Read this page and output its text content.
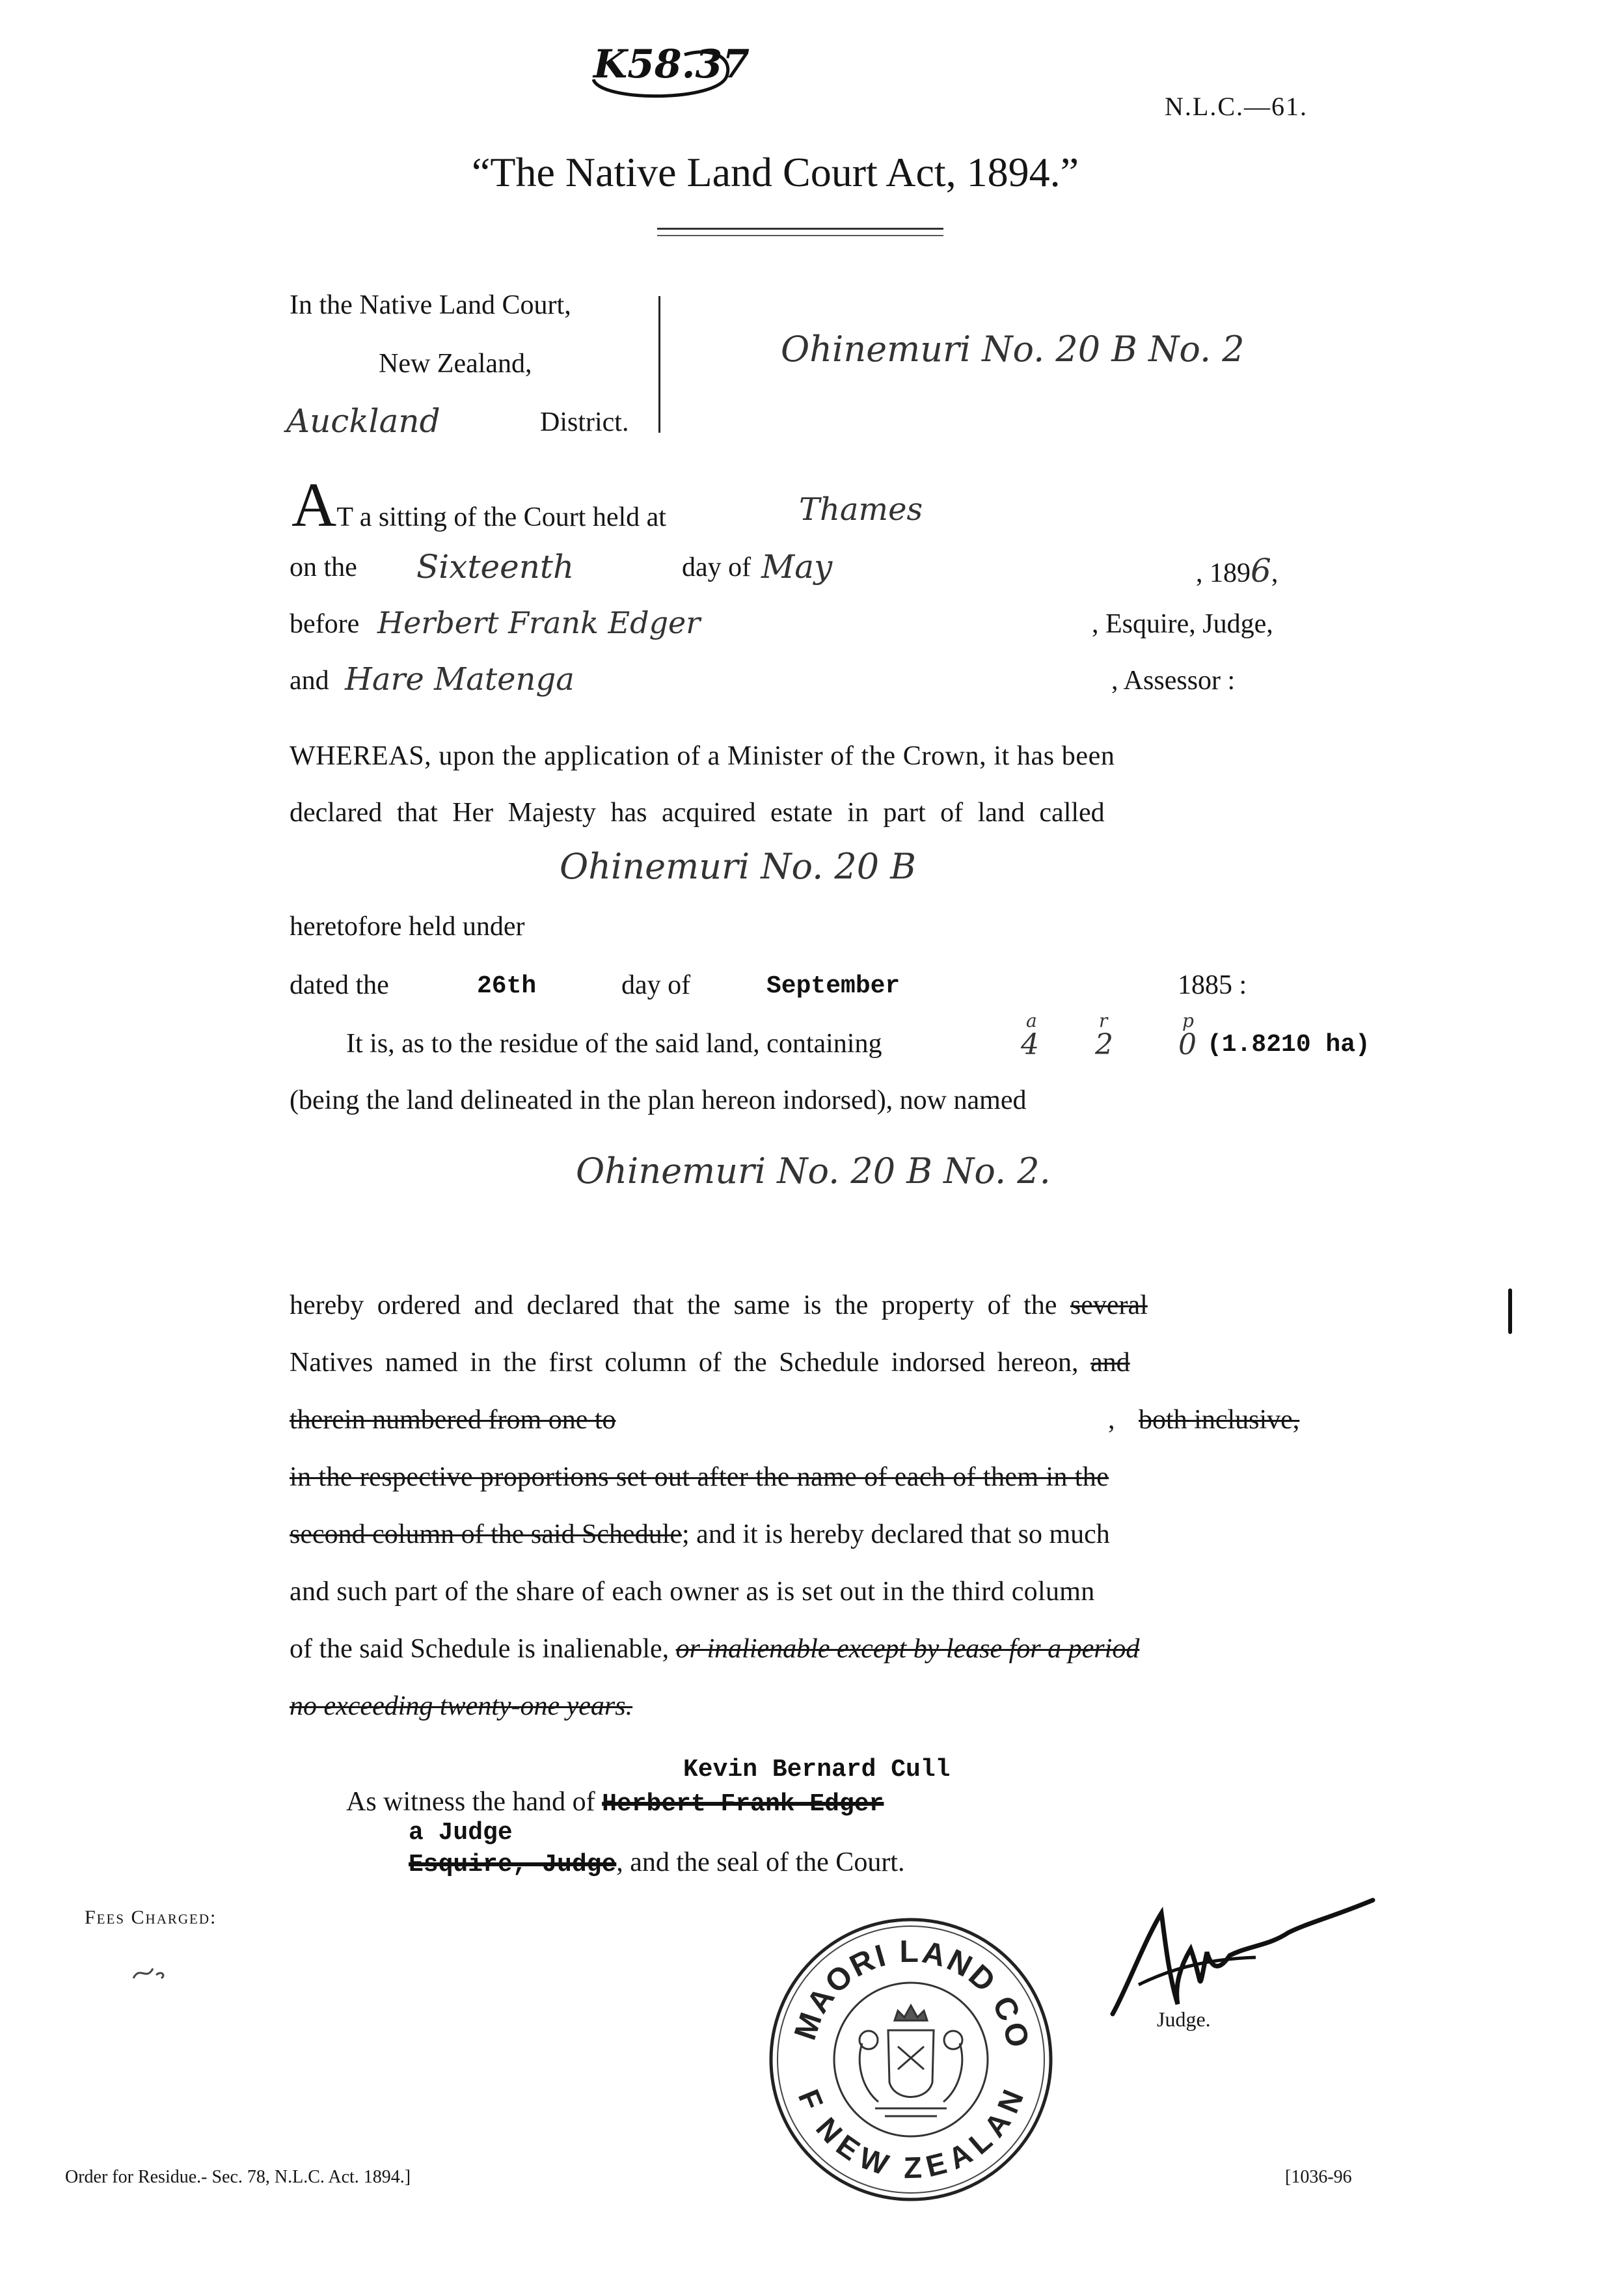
K58.37
N.L.C.—61.
“The Native Land Court Act, 1894.”
In the Native Land Court,
New Zealand,
Auckland	District.
Ohinemuri No. 20 B No. 2
AT a sitting of the Court held at	Thames
on the Sixteenth	day of May	, 1896,
before Herbert Frank Edger	, Esquire, Judge,
and Hare Matenga	, Assessor :
WHEREAS, upon the application of a Minister of the Crown, it has been
declared that Her Majesty has acquired estate in part of land called
Ohinemuri No. 20 B
heretofore held under
dated the	26th	day of	September	1885 :
It is, as to the residue of the said land, containing
a
4
r
2
p
0 (1.8210 ha)
(being the land delineated in the plan hereon indorsed), now named
Ohinemuri No. 20 B No. 2.
hereby ordered and declared that the same is the property of the several
Natives named in the first column of the Schedule indorsed hereon, and
therein numbered from one to	, both inclusive,
in the respective proportions set out after the name of each of them in the
second column of the said Schedule; and it is hereby declared that so much
and such part of the share of each owner as is set out in the third column
of the said Schedule is inalienable, or inalienable except by lease for a period
no exceeding twenty-one years.
Kevin Bernard Cull
As witness the hand of Herbert Frank Edger
a Judge
Esquire, Judge, and the seal of the Court.
Fees Charged:
MAORI LAND CO
F NEW ZEALAN
Judge.
Order for Residue.- Sec. 78, N.L.C. Act. 1894.]	[1036-96
